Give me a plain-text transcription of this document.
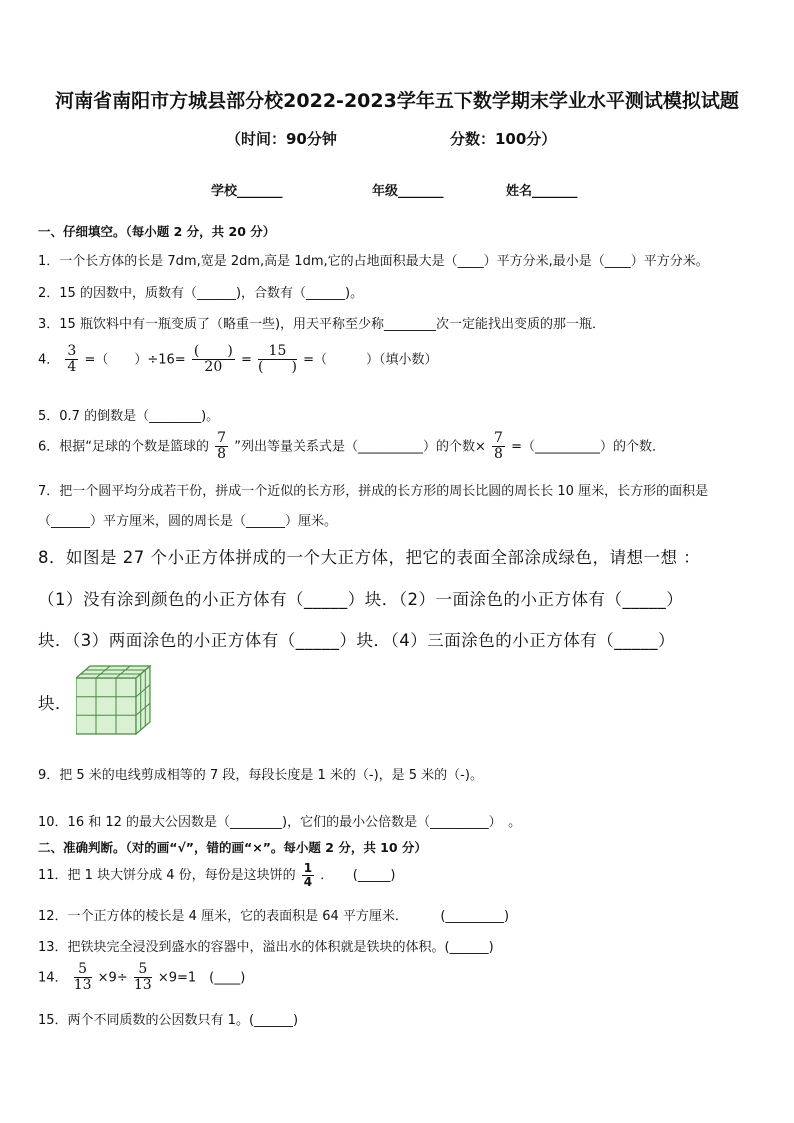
河南省南阳市方城县部分校2022-2023学年五下数学期末学业水平测试模拟试题
（时间：90分钟	分数：100分）
学校_______	年级_______	姓名_______
一、仔细填空。（每小题 2 分，共 20 分）
1．一个长方体的长是 7dm,宽是 2dm,高是 1dm,它的占地面积最大是（____）平方分米,最小是（____）平方分米。
2．15 的因数中，质数有（______)，合数有（______)。
3．15 瓶饮料中有一瓶变质了（略重一些)，用天平称至少称________次一定能找出变质的那一瓶．
4． $\frac{3}{4}$ =（　　）$\div 16= \frac{( )}{20} = \frac{15}{( )}$ =（　　　）（填小数）
5．0.7 的倒数是（________)。
6．根据“足球的个数是篮球的 $\frac{7}{8}$ ”列出等量关系式是（__________）的个数× $\frac{7}{8}$ =（__________）的个数．
7．把一个圆平均分成若干份，拼成一个近似的长方形，拼成的长方形的周长比圆的周长长 10 厘米，长方形的面积是
（______）平方厘米，圆的周长是（______）厘米。
8．如图是 27 个小正方体拼成的一个大正方体，把它的表面全部涂成绿色，请想一想 ：
（1）没有涂到颜色的小正方体有（_____）块．（2）一面涂色的小正方体有（_____）
块．（3）两面涂色的小正方体有（_____）块．（4）三面涂色的小正方体有（_____）
块．
9．把 5 米的电线剪成相等的 7 段，每段长度是 1 米的（-)，是 5 米的（-)。
10．16 和 12 的最大公因数是（________)，它们的最小公倍数是（_________）　。
二、准确判断。（对的画“√”，错的画“×”。每小题 2 分，共 10 分）
11．把 1 块大饼分成 4 份，每份是这块饼的 $\frac{1}{4}$ ．　　(_____)
12．一个正方体的棱长是 4 厘米，它的表面积是 64 平方厘米．　　　(_________)
13．把铁块完全浸没到盛水的容器中，溢出水的体积就是铁块的体积。(______)
14． $\frac{5}{13} \times 9\div \frac{5}{13} \times 9=1$　(____)
15．两个不同质数的公因数只有 1。(______)
